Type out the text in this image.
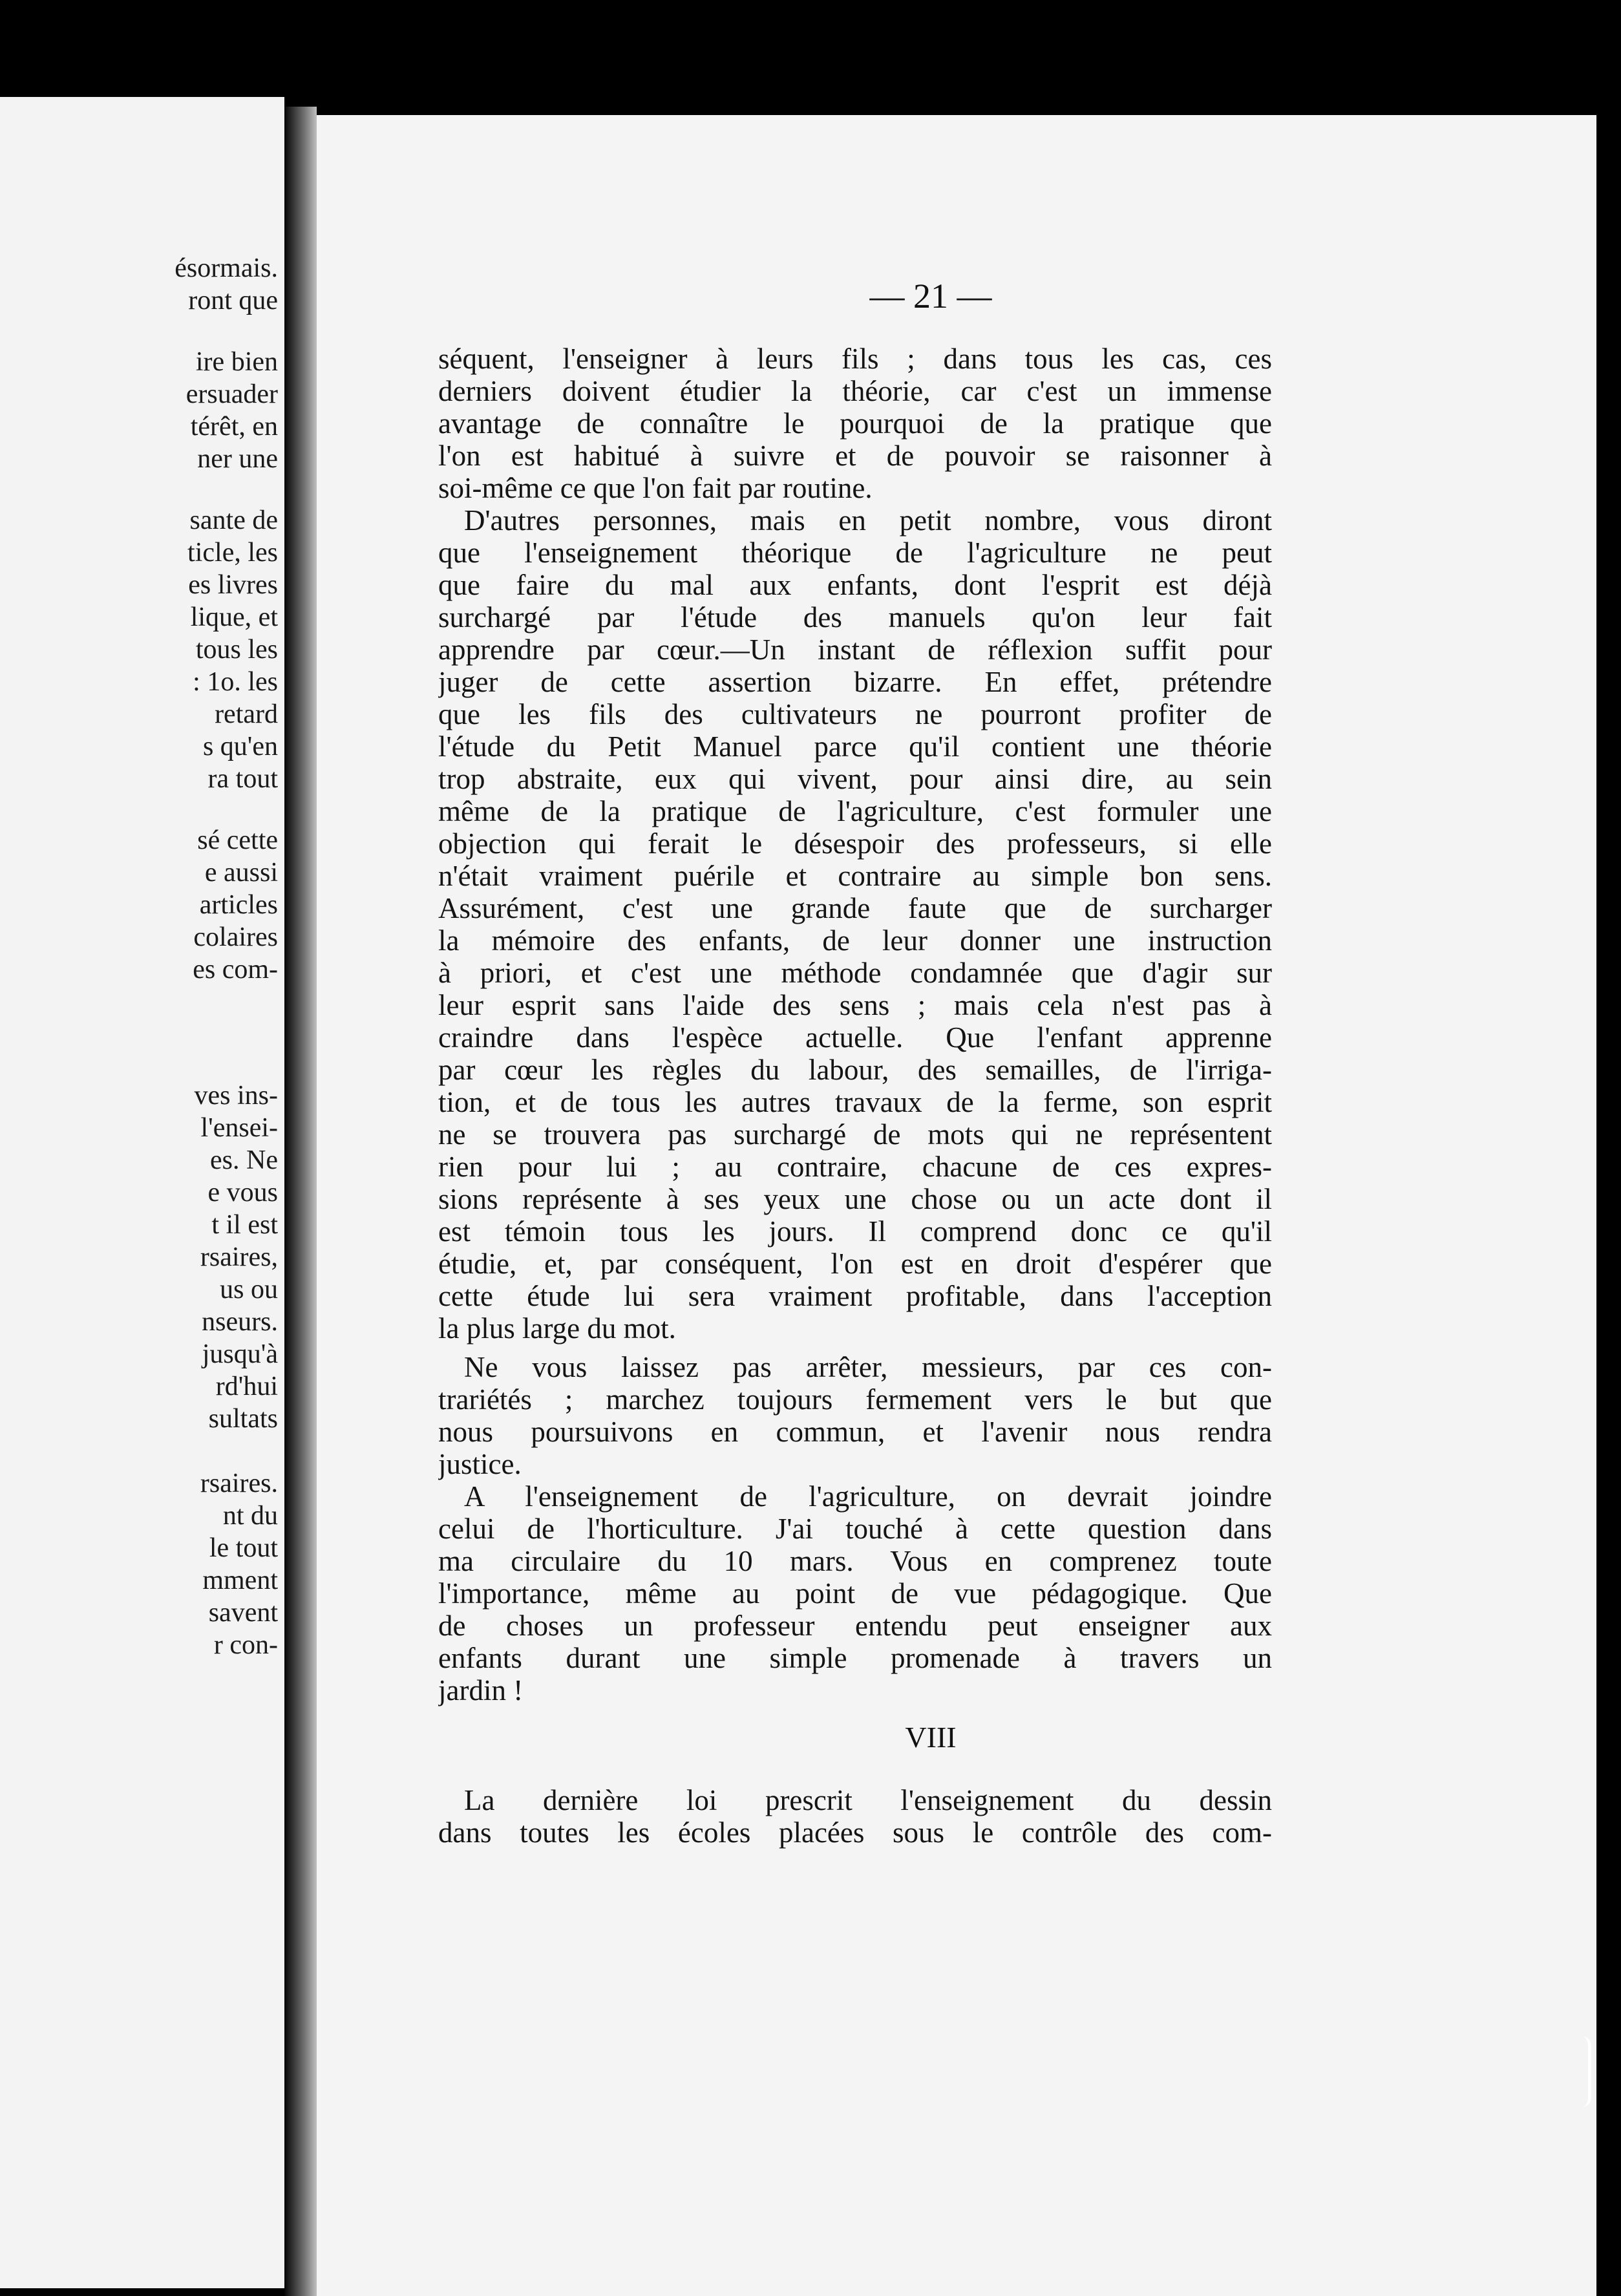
ésormais.
ront que
ire bien
ersuader
térêt, en
ner une
sante de
ticle, les
es livres
lique, et
tous les
: 1o. les
retard
s qu'en
ra tout
sé cette
e aussi
articles
colaires
es com-
ves ins-
l'ensei-
es. Ne
e vous
t il est
rsaires,
us ou
nseurs.
jusqu'à
rd'hui
sultats
rsaires.
nt du
le tout
mment
savent
r con-
— 21 —
séquent, l'enseigner à leurs fils ; dans tous les cas, ces
derniers doivent étudier la théorie, car c'est un immense
avantage de connaître le pourquoi de la pratique que
l'on est habitué à suivre et de pouvoir se raisonner à
soi-même ce que l'on fait par routine.
D'autres personnes, mais en petit nombre, vous diront
que l'enseignement théorique de l'agriculture ne peut
que faire du mal aux enfants, dont l'esprit est déjà
surchargé par l'étude des manuels qu'on leur fait
apprendre par cœur.—Un instant de réflexion suffit pour
juger de cette assertion bizarre. En effet, prétendre
que les fils des cultivateurs ne pourront profiter de
l'étude du Petit Manuel parce qu'il contient une théorie
trop abstraite, eux qui vivent, pour ainsi dire, au sein
même de la pratique de l'agriculture, c'est formuler une
objection qui ferait le désespoir des professeurs, si elle
n'était vraiment puérile et contraire au simple bon sens.
Assurément, c'est une grande faute que de surcharger
la mémoire des enfants, de leur donner une instruction
à priori, et c'est une méthode condamnée que d'agir sur
leur esprit sans l'aide des sens ; mais cela n'est pas à
craindre dans l'espèce actuelle. Que l'enfant apprenne
par cœur les règles du labour, des semailles, de l'irriga-
tion, et de tous les autres travaux de la ferme, son esprit
ne se trouvera pas surchargé de mots qui ne représentent
rien pour lui ; au contraire, chacune de ces expres-
sions représente à ses yeux une chose ou un acte dont il
est témoin tous les jours. Il comprend donc ce qu'il
étudie, et, par conséquent, l'on est en droit d'espérer que
cette étude lui sera vraiment profitable, dans l'acception
la plus large du mot.
Ne vous laissez pas arrêter, messieurs, par ces con-
trariétés ; marchez toujours fermement vers le but que
nous poursuivons en commun, et l'avenir nous rendra
justice.
A l'enseignement de l'agriculture, on devrait joindre
celui de l'horticulture. J'ai touché à cette question dans
ma circulaire du 10 mars. Vous en comprenez toute
l'importance, même au point de vue pédagogique. Que
de choses un professeur entendu peut enseigner aux
enfants durant une simple promenade à travers un
jardin !
La dernière loi prescrit l'enseignement du dessin
dans toutes les écoles placées sous le contrôle des com-
VIII
